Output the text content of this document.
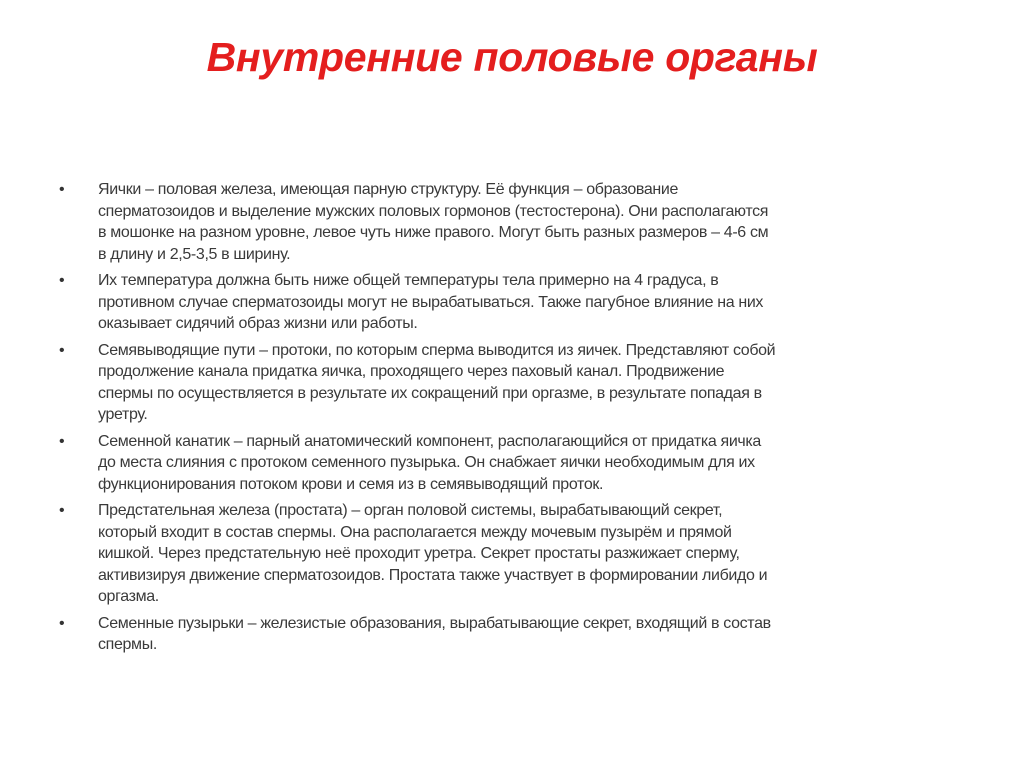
Внутренние половые органы
• Яички – половая железа, имеющая парную структуру. Её функция – образование
сперматозоидов и выделение мужских половых гормонов (тестостерона). Они располагаются
в мошонке на разном уровне, левое чуть ниже правого. Могут быть разных размеров – 4-6 см
в длину и 2,5-3,5 в ширину.
• Их температура должна быть ниже общей температуры тела примерно на 4 градуса, в
противном случае сперматозоиды могут не вырабатываться. Также пагубное влияние на них
оказывает сидячий образ жизни или работы.
• Семявыводящие пути – протоки, по которым сперма выводится из яичек. Представляют собой
продолжение канала придатка яичка, проходящего через паховый канал. Продвижение
спермы по осуществляется в результате их сокращений при оргазме, в результате попадая в
уретру.
• Семенной канатик – парный анатомический компонент, располагающийся от придатка яичка
до места слияния с протоком семенного пузырька. Он снабжает яички необходимым для их
функционирования потоком крови и семя из в семявыводящий проток.
• Предстательная железа (простата) – орган половой системы, вырабатывающий секрет,
который входит в состав спермы. Она располагается между мочевым пузырём и прямой
кишкой. Через предстательную неё проходит уретра. Секрет простаты разжижает сперму,
активизируя движение сперматозоидов. Простата также участвует в формировании либидо и
оргазма.
• Семенные пузырьки – железистые образования, вырабатывающие секрет, входящий в состав
спермы.
